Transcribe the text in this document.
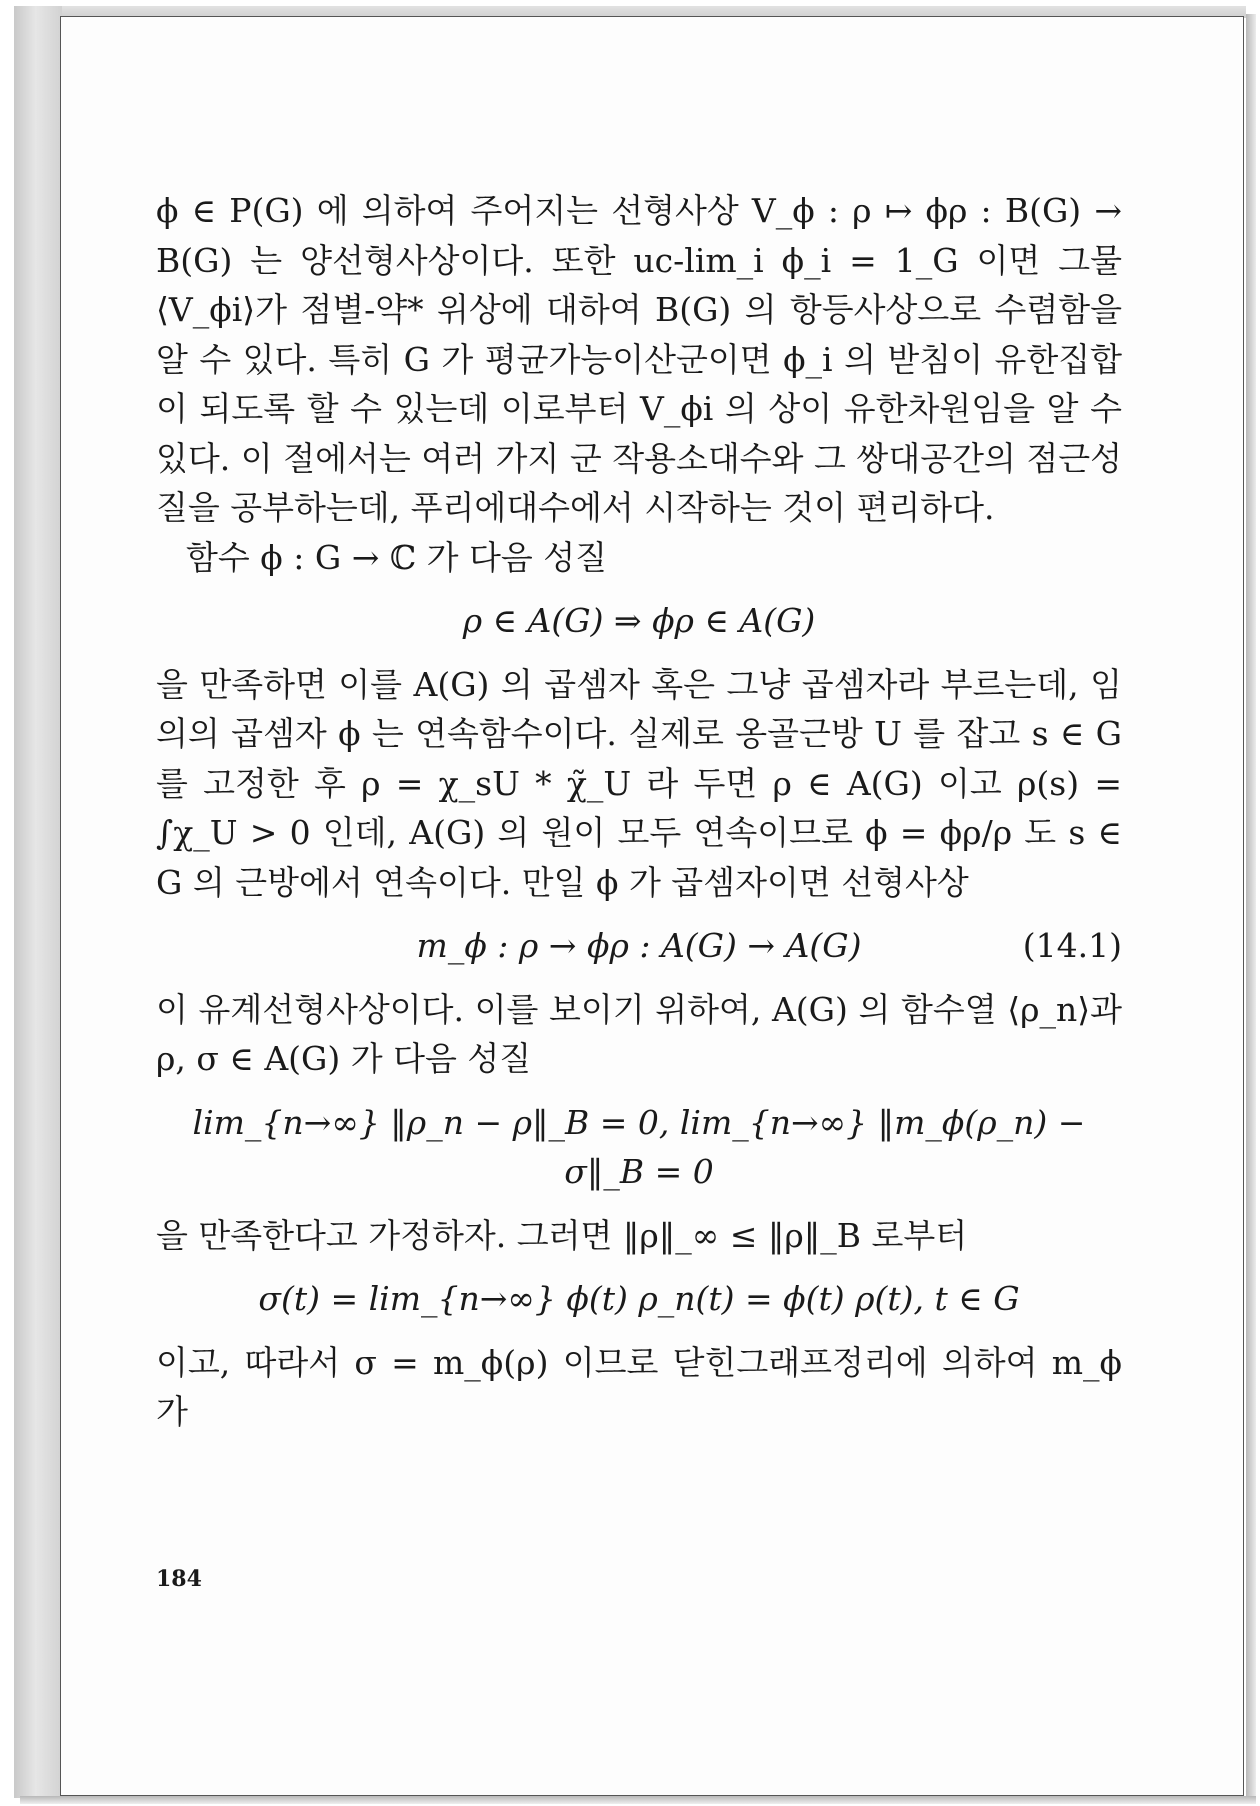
ϕ ∈ P(G) 에 의하여 주어지는 선형사상 V_ϕ : ρ ↦ ϕρ : B(G) → B(G) 는 양선형사상이다. 또한 uc-lim_i ϕ_i = 1_G 이면 그물 ⟨V_ϕi⟩가 점별-약* 위상에 대하여 B(G) 의 항등사상으로 수렴함을 알 수 있다. 특히 G 가 평균가능이산군이면 ϕ_i 의 받침이 유한집합이 되도록 할 수 있는데 이로부터 V_ϕi 의 상이 유한차원임을 알 수 있다. 이 절에서는 여러 가지 군 작용소대수와 그 쌍대공간의 점근성질을 공부하는데, 푸리에대수에서 시작하는 것이 편리하다.

함수 ϕ : G → ℂ 가 다음 성질

ρ ∈ A(G) ⇒ ϕρ ∈ A(G)

을 만족하면 이를 A(G) 의 곱셈자 혹은 그냥 곱셈자라 부르는데, 임의의 곱셈자 ϕ 는 연속함수이다. 실제로 옹골근방 U 를 잡고 s ∈ G 를 고정한 후 ρ = χ_sU * χ̃_U 라 두면 ρ ∈ A(G) 이고 ρ(s) = ∫χ_U > 0 인데, A(G) 의 원이 모두 연속이므로 ϕ = ϕρ/ρ 도 s ∈ G 의 근방에서 연속이다. 만일 ϕ 가 곱셈자이면 선형사상

m_ϕ : ρ → ϕρ : A(G) → A(G)	(14.1)

이 유계선형사상이다. 이를 보이기 위하여, A(G) 의 함수열 ⟨ρ_n⟩과 ρ, σ ∈ A(G) 가 다음 성질

lim_{n→∞} ‖ρ_n − ρ‖_B = 0, lim_{n→∞} ‖m_ϕ(ρ_n) − σ‖_B = 0

을 만족한다고 가정하자. 그러면 ‖ρ‖_∞ ≤ ‖ρ‖_B 로부터

σ(t) = lim_{n→∞} ϕ(t) ρ_n(t) = ϕ(t) ρ(t), t ∈ G

이고, 따라서 σ = m_ϕ(ρ) 이므로 닫힌그래프정리에 의하여 m_ϕ 가

184
